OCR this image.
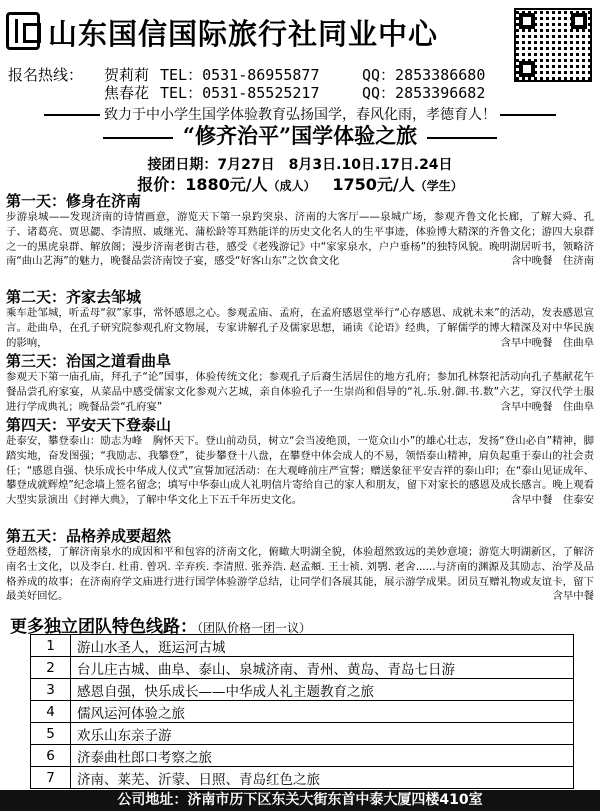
山东国信国际旅行社同业中心
报名热线： 贺莉莉 TEL：0531-86955877	QQ：2853386680
焦春花 TEL：0531-85525217	QQ：2853396682
致力于中小学生国学体验教育弘扬国学，春风化雨，孝德育人！
“修齐治平”国学体验之旅
接团日期：7月27日　8月3日.10日.17日.24日
报价：1880元/人（成人） 1750元/人（学生）
第一天：修身在济南

步游泉城——发现济南的诗情画意，游览天下第一泉趵突泉、济南的大客厅——泉城广场，参观齐鲁文化长廊，了解大舜、孔子、诸葛亮、贾思勰、李清照、戚继光、蒲松龄等耳熟能详的历史文化名人的生平事迹，体验博大精深的齐鲁文化；游四大泉群之一的黑虎泉群、解放阁；漫步济南老街古巷，感受《老残游记》中“家家泉水，户户垂杨”的独特风貌。晚明湖居听书，领略济南“曲山艺海”的魅力，晚餐品尝济南饺子宴，感受“好客山东”之饮食文化	含中晚餐　住济南

第二天：齐家去邹城

乘车赴邹城，听孟母“叙”家事，常怀感恩之心。参观孟庙、孟府，在孟府感恩堂举行“心存感恩、成就未来”的活动，发表感恩宣言。赴曲阜，在孔子研究院参观孔府文物展，专家讲解孔子及儒家思想，诵读《论语》经典，了解儒学的博大精深及对中华民族的影响，	含早中晚餐　住曲阜

第三天：治国之道看曲阜

参观天下第一庙孔庙，拜孔子“论”国事，体验传统文化；参观孔子后裔生活居住的地方孔府；参加孔林祭祀活动向孔子墓献花午餐品尝孔府家宴，从菜品中感受儒家文化参观六艺城，亲自体验孔子一生崇尚和倡导的“礼.乐.射.御.书.数”六艺，穿汉代学士服进行学成典礼；晚餐品尝“孔府宴”	含早中晚餐　住曲阜

第四天：平安天下登泰山

赴泰安，攀登泰山：励志为峰　胸怀天下。登山前动员，树立“会当凌绝顶，一览众山小”的雄心壮志，发扬“登山必自”精神，脚踏实地，奋发图强；“我励志、我攀登”，徒步攀登十八盘，在攀登中体会成人的不易，领悟泰山精神，肩负起重于泰山的社会责任；“感恩自强、快乐成长中华成人仪式”宣誓加冠活动：在大观峰前庄严宣誓；赠送象征平安吉祥的泰山印；在“泰山见证成年、攀登成就辉煌”纪念墙上签名留念；填写中华泰山成人礼明信片寄给自己的家人和朋友，留下对家长的感恩及成长感言。晚上观看大型实景演出《封禅大典》，了解中华文化上下五千年历史文化。	含早中餐　住泰安

第五天：品格养成要超然

登超然楼，了解济南泉水的成因和平和包容的济南文化，俯瞰大明湖全貌，体验超然致远的美妙意境；游览大明湖新区，了解济南名士文化，以及李白. 杜甫. 曾巩. 辛弃疾. 李清照. 张养浩. 赵孟頫. 王士祯. 刘鹗. 老舍......与济南的渊源及其励志、治学及品格养成的故事；在济南府学文庙进行进行国学体验游学总结，让同学们各展其能，展示游学成果。团员互赠礼物或友谊卡，留下最美好回忆。	含早中餐

更多独立团队特色线路：（团队价格一团一议）
1	游山水圣人，逛运河古城
2	台儿庄古城、曲阜、泰山、泉城济南、青州、黄岛、青岛七日游
3	感恩自强，快乐成长——中华成人礼主题教育之旅
4	儒风运河体验之旅
5	欢乐山东亲子游
6	济泰曲杜郎口考察之旅
7	济南、莱芜、沂蒙、日照、青岛红色之旅
公司地址：济南市历下区东关大街东首中泰大厦四楼410室
